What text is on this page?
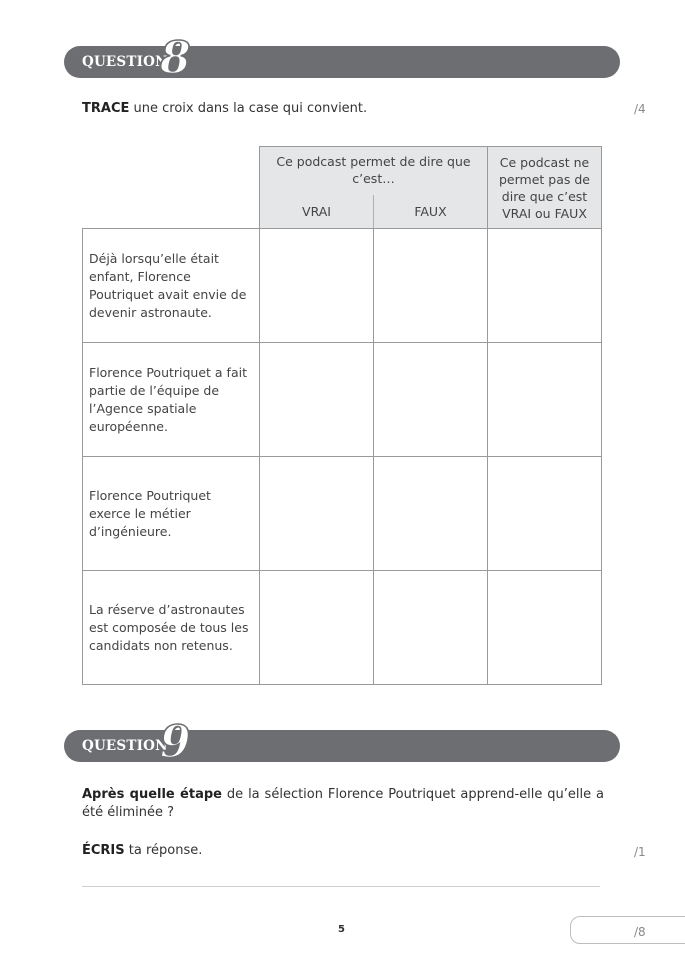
QUESTION
8
TRACE une croix dans la case qui convient.	/4
	Ce podcast permet de dire que c’est…		Ce podcast ne permet pas de dire que c’est VRAI ou FAUX
	VRAI	FAUX	
Déjà lorsqu’elle était enfant, Florence Poutriquet avait envie de devenir astronaute.			
Florence Poutriquet a fait partie de l’équipe de l’Agence spatiale européenne.			
Florence Poutriquet exerce le métier d’ingénieure.			
La réserve d’astronautes est composée de tous les candidats non retenus.			
QUESTION
9
Après quelle étape de la sélection Florence Poutriquet apprend-elle qu’elle a été éliminée ?
ÉCRIS ta réponse.	/1
5	/8
